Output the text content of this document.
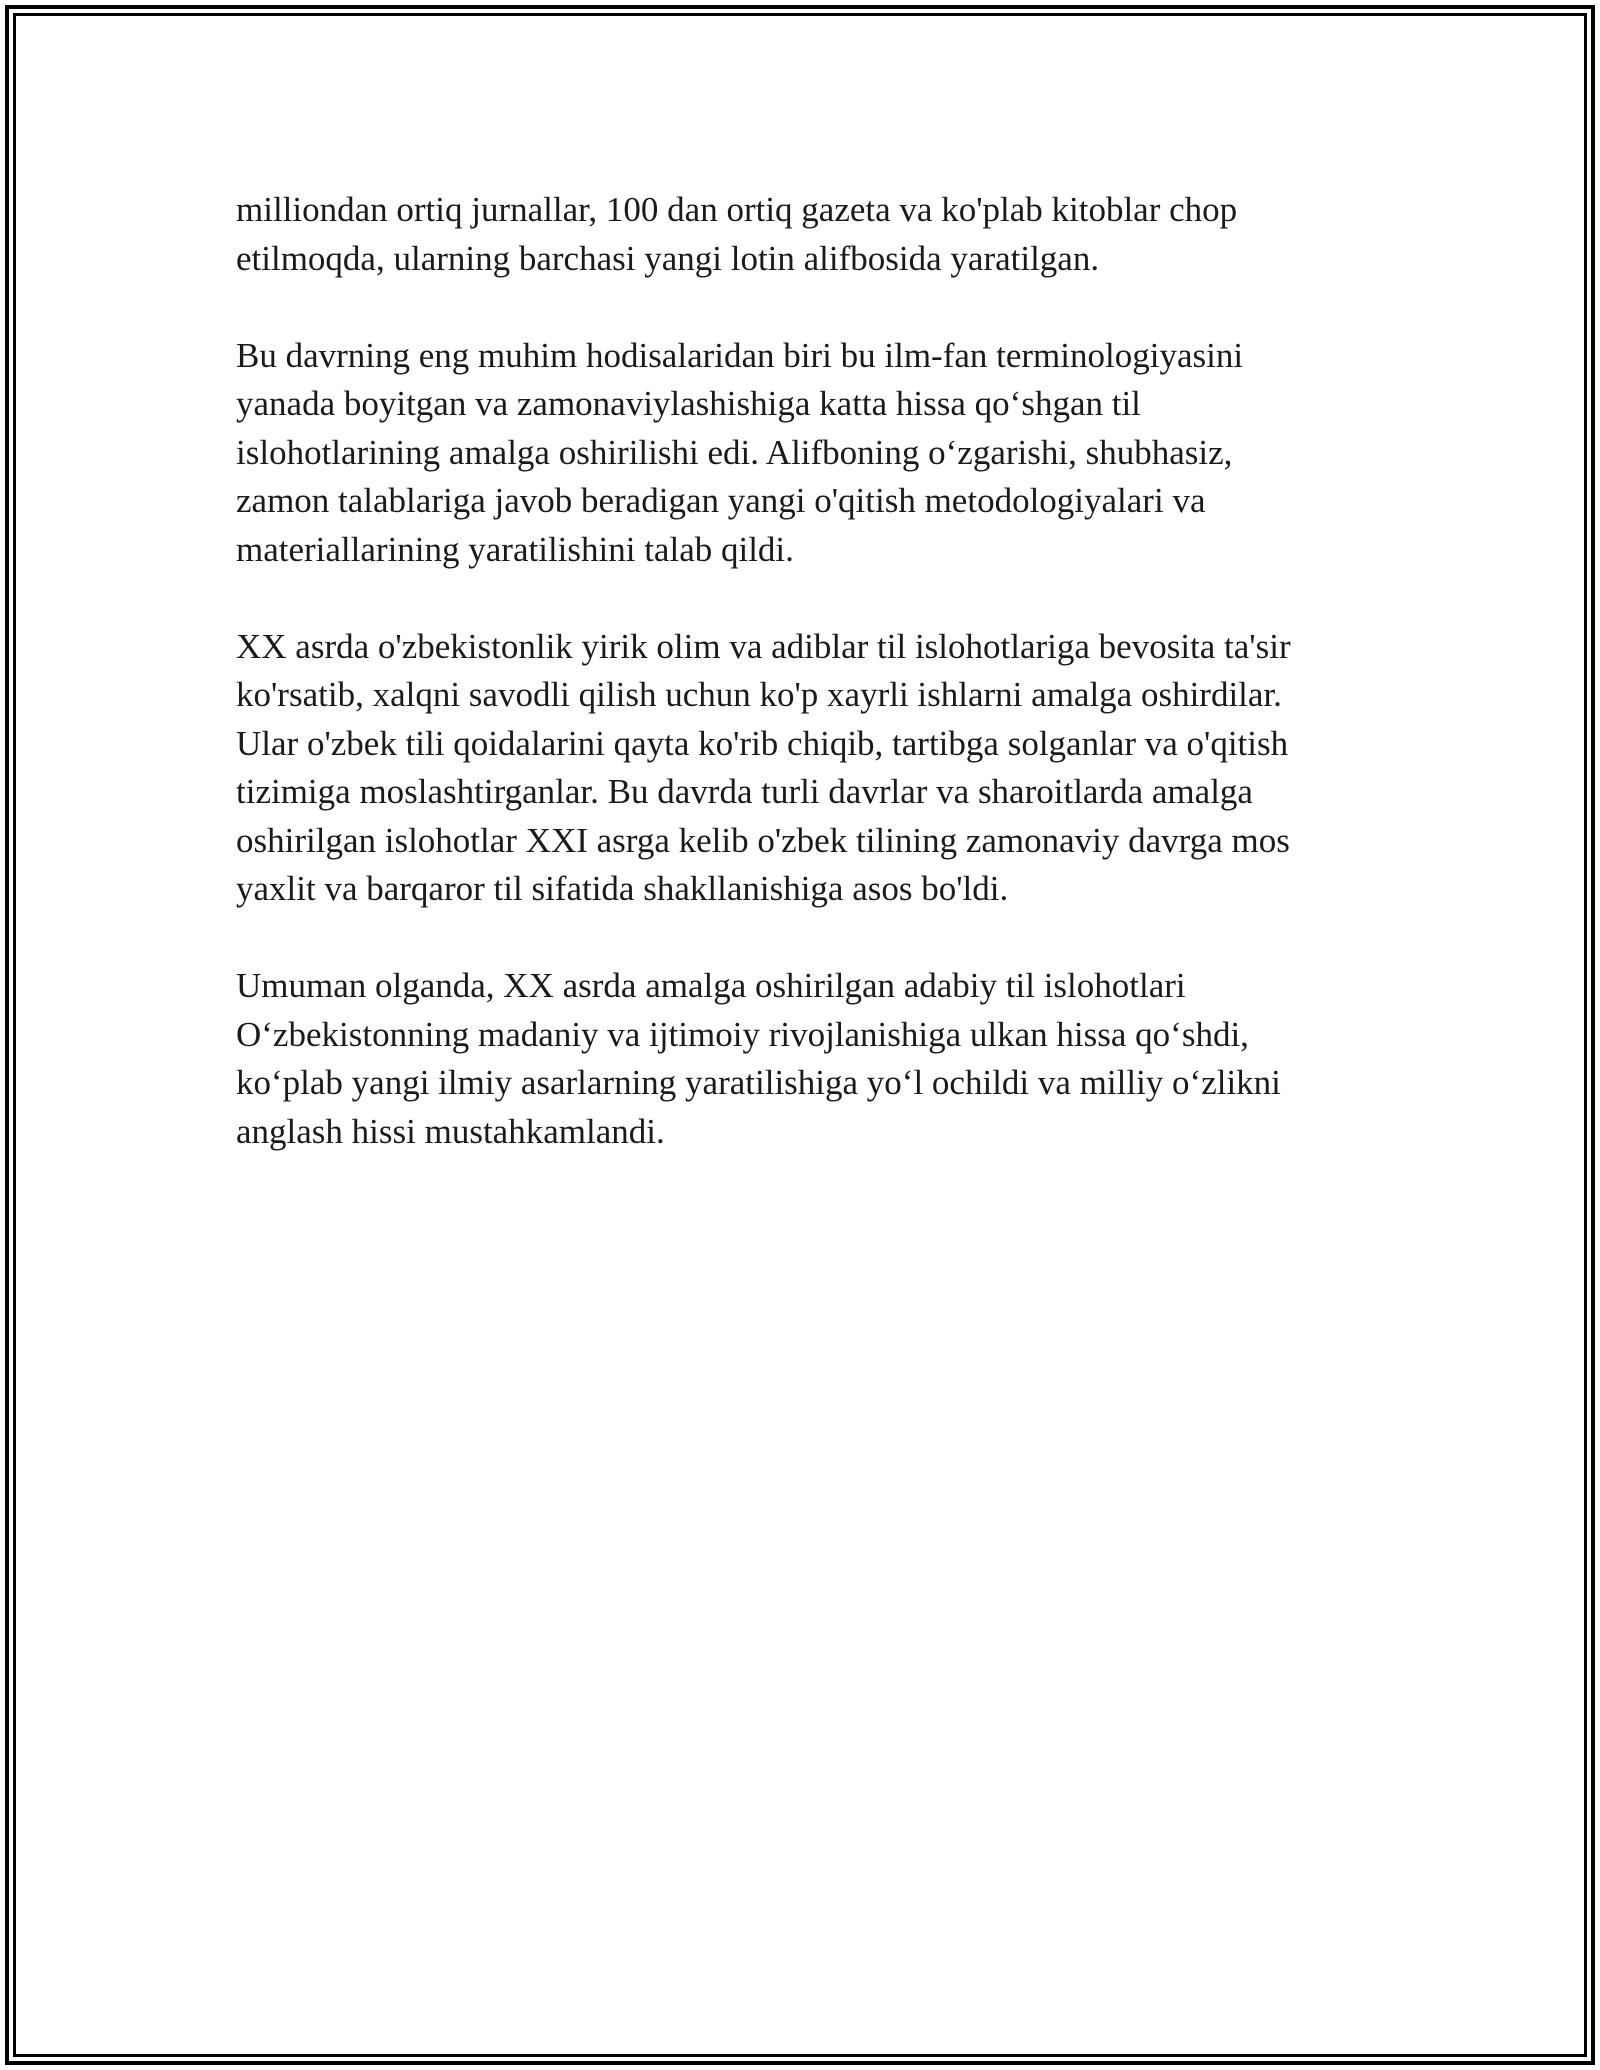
milliondan ortiq jurnallar, 100 dan ortiq gazeta va ko'plab kitoblar chop
etilmoqda, ularning barchasi yangi lotin alifbosida yaratilgan.

Bu davrning eng muhim hodisalaridan biri bu ilm-fan terminologiyasini
yanada boyitgan va zamonaviylashishiga katta hissa qo‘shgan til
islohotlarining amalga oshirilishi edi. Alifboning o‘zgarishi, shubhasiz,
zamon talablariga javob beradigan yangi o'qitish metodologiyalari va
materiallarining yaratilishini talab qildi.

XX asrda o'zbekistonlik yirik olim va adiblar til islohotlariga bevosita ta'sir
ko'rsatib, xalqni savodli qilish uchun ko'p xayrli ishlarni amalga oshirdilar.
Ular o'zbek tili qoidalarini qayta ko'rib chiqib, tartibga solganlar va o'qitish
tizimiga moslashtirganlar. Bu davrda turli davrlar va sharoitlarda amalga
oshirilgan islohotlar XXI asrga kelib o'zbek tilining zamonaviy davrga mos
yaxlit va barqaror til sifatida shakllanishiga asos bo'ldi.

Umuman olganda, XX asrda amalga oshirilgan adabiy til islohotlari
O‘zbekistonning madaniy va ijtimoiy rivojlanishiga ulkan hissa qo‘shdi,
ko‘plab yangi ilmiy asarlarning yaratilishiga yo‘l ochildi va milliy o‘zlikni
anglash hissi mustahkamlandi.
